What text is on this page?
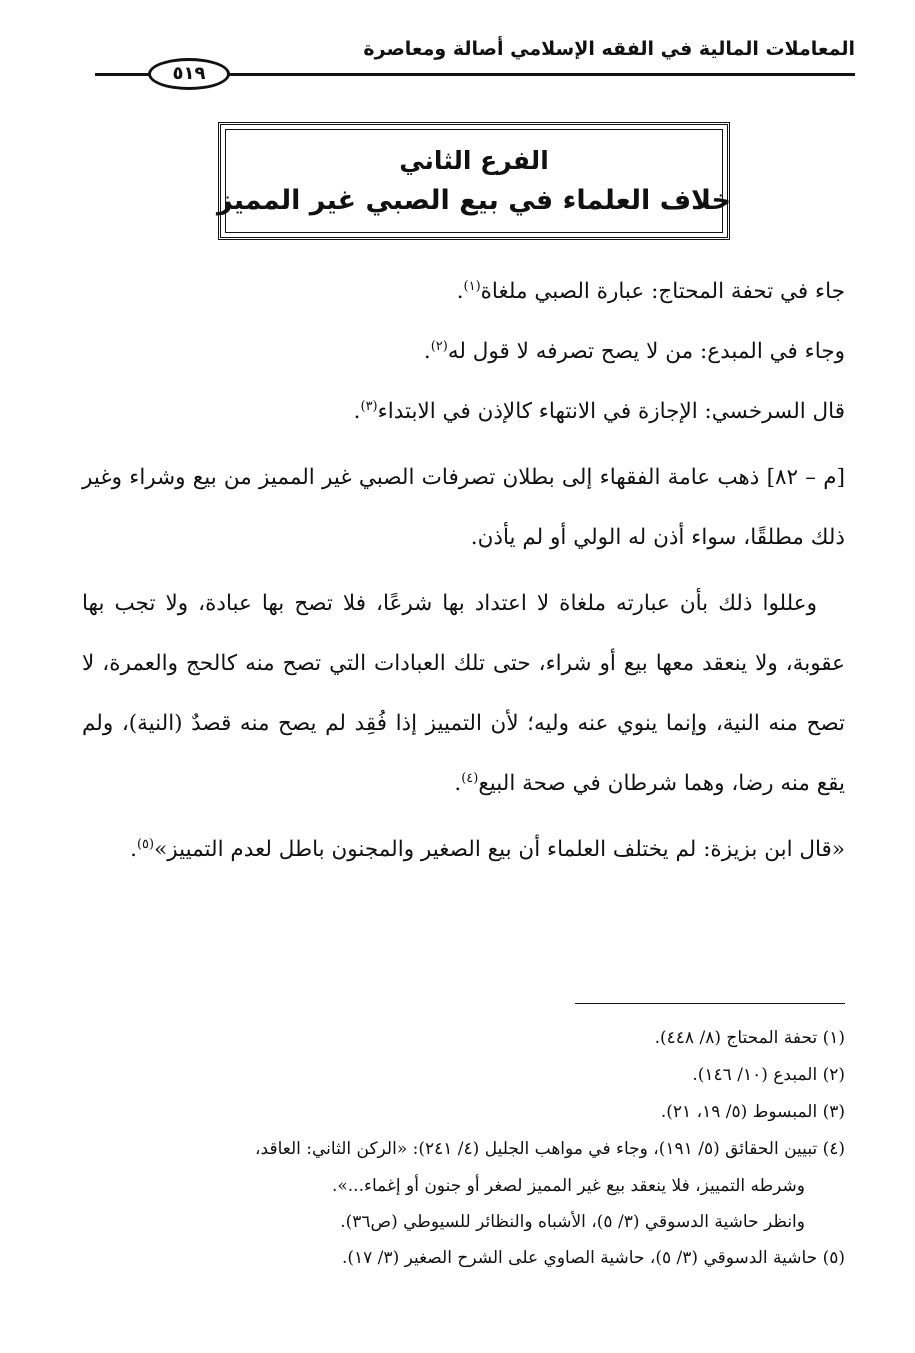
المعاملات المالية في الفقه الإسلامي أصالة ومعاصرة
٥١٩
الفرع الثاني
خلاف العلماء في بيع الصبي غير المميز

جاء في تحفة المحتاج: عبارة الصبي ملغاة$^{(١)}$.

وجاء في المبدع: من لا يصح تصرفه لا قول له$^{(٢)}$.

قال السرخسي: الإجازة في الانتهاء كالإذن في الابتداء$^{(٣)}$.

[م – ٨٢] ذهب عامة الفقهاء إلى بطلان تصرفات الصبي غير المميز من بيع وشراء وغير ذلك مطلقًا، سواء أذن له الولي أو لم يأذن.

وعللوا ذلك بأن عبارته ملغاة لا اعتداد بها شرعًا، فلا تصح بها عبادة، ولا تجب بها عقوبة، ولا ينعقد معها بيع أو شراء، حتى تلك العبادات التي تصح منه كالحج والعمرة، لا تصح منه النية، وإنما ينوي عنه وليه؛ لأن التمييز إذا فُقِد لم يصح منه قصدٌ (النية)، ولم يقع منه رضا، وهما شرطان في صحة البيع$^{(٤)}$.

«قال ابن بزيزة: لم يختلف العلماء أن بيع الصغير والمجنون باطل لعدم التمييز»$^{(٥)}$.

(١) تحفة المحتاج (٨/ ٤٤٨).

(٢) المبدع (١٠/ ١٤٦).

(٣) المبسوط (٥/ ١٩، ٢١).

(٤) تبيين الحقائق (٥/ ١٩١)، وجاء في مواهب الجليل (٤/ ٢٤١): «الركن الثاني: العاقد،

وشرطه التمييز، فلا ينعقد بيع غير المميز لصغر أو جنون أو إغماء...».

وانظر حاشية الدسوقي (٣/ ٥)، الأشباه والنظائر للسيوطي (ص٣٦).

(٥) حاشية الدسوقي (٣/ ٥)، حاشية الصاوي على الشرح الصغير (٣/ ١٧).
